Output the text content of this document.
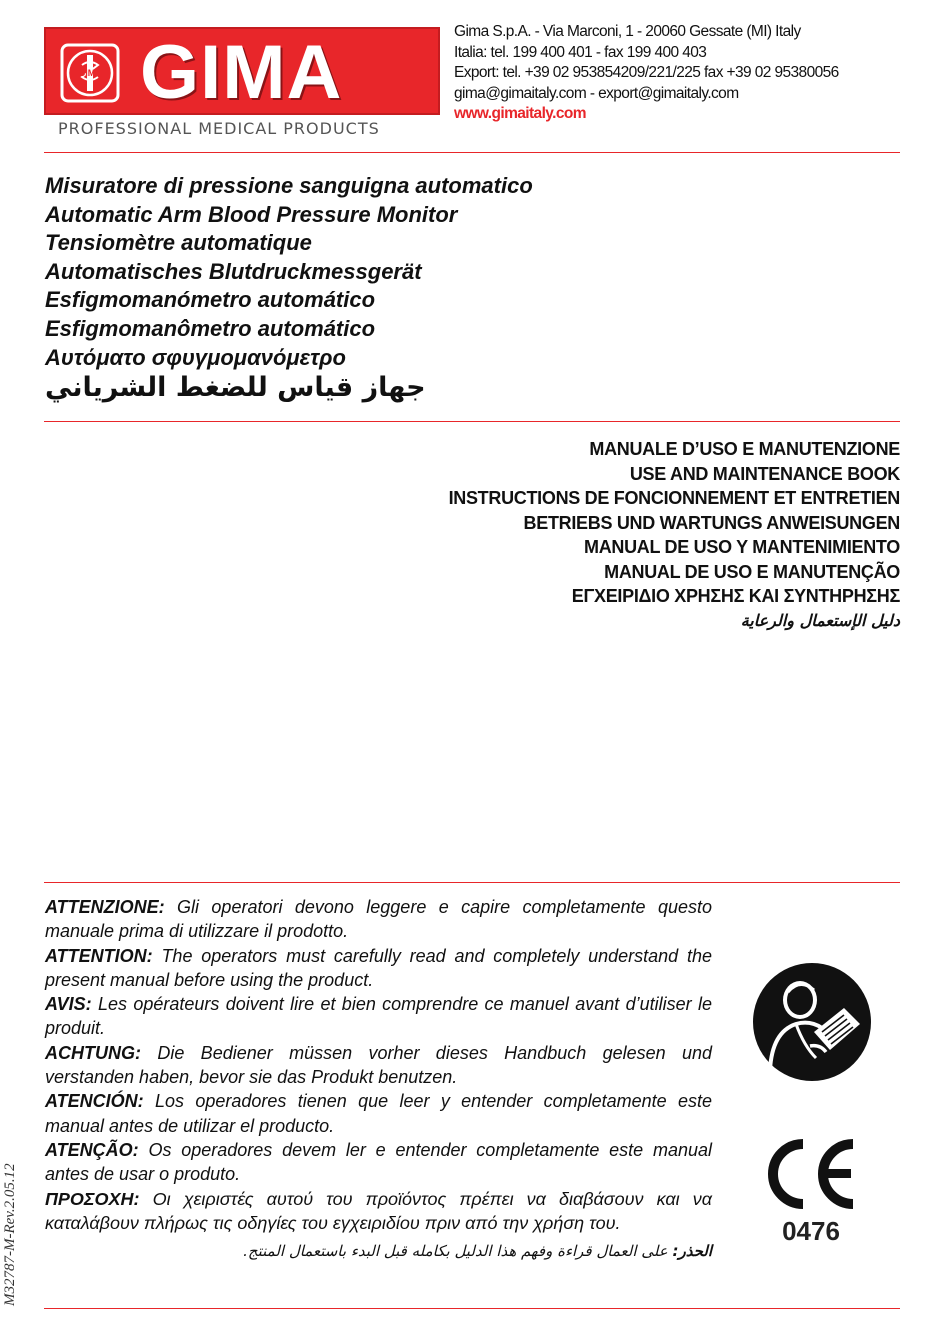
GIMA GIMA
PROFESSIONAL MEDICAL PRODUCTS
Gima S.p.A. - Via Marconi, 1 - 20060 Gessate (MI) Italy
Italia: tel. 199 400 401 - fax 199 400 403
Export: tel. +39 02 953854209/221/225 fax +39 02 95380056
gima@gimaitaly.com - export@gimaitaly.com
www.gimaitaly.com
Misuratore di pressione sanguigna automatico
Automatic Arm Blood Pressure Monitor
Tensiomètre automatique
Automatisches Blutdruckmessgerät
Esfigmomanómetro automático
Esfigmomanômetro automático
Αυτόματο σφυγμομανόμετρο
جهاز قياس للضغط الشرياني
MANUALE D’USO E MANUTENZIONE
USE AND MAINTENANCE BOOK
INSTRUCTIONS DE FONCIONNEMENT ET ENTRETIEN
BETRIEBS UND WARTUNGS ANWEISUNGEN
MANUAL DE USO Y MANTENIMIENTO
MANUAL DE USO E MANUTENÇÃO
ΕΓΧΕΙΡΙΔΙΟ ΧΡΗΣΗΣ ΚΑΙ ΣΥΝΤΗΡΗΣΗΣ
دليل الإستعمال والرعاية

ATTENZIONE: Gli operatori devono leggere e capire completamente questo manuale prima di utilizzare il prodotto.

ATTENTION: The operators must carefully read and completely understand the present manual before using the product.

AVIS: Les opérateurs doivent lire et bien comprendre ce manuel avant d’utiliser le produit.

ACHTUNG: Die Bediener müssen vorher dieses Handbuch gelesen und verstanden haben, bevor sie das Produkt benutzen.

ATENCIÓN: Los operadores tienen que leer y entender completamente este manual antes de utilizar el producto.

ATENÇÃO: Os operadores devem ler e entender completamente este manual antes de usar o produto.

ΠΡΟΣΟΧΗ: Οι χειριστές αυτού του προϊόντος πρέπει να διαβάσουν και να καταλάβουν πλήρως τις οδηγίες του εγχειριδίου πριν από την χρήση του.

الحذر: على العمال قراءة وفهم هذا الدليل بكامله قبل البدء باستعمال المنتج.

0476
M32787-M-Rev.2.05.12
